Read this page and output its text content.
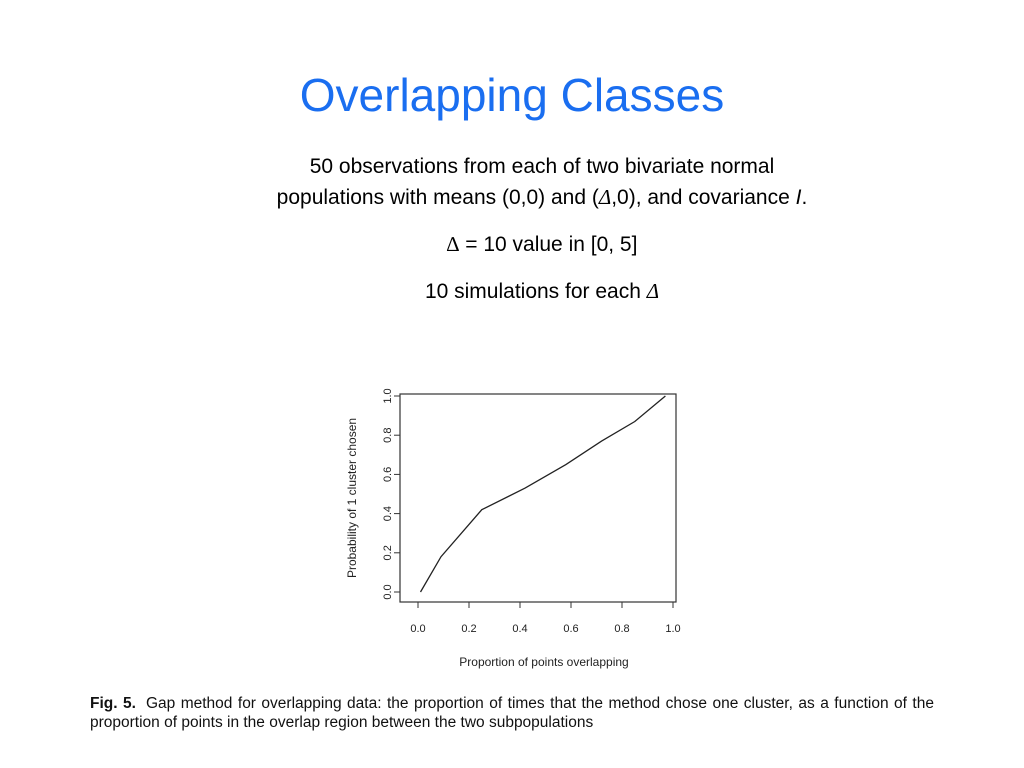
Overlapping Classes
50 observations from each of two bivariate normal
populations with means (0,0) and (Δ,0), and covariance I.
∆ = 10 value in [0, 5]
10 simulations for each Δ
0.0
0.2
0.4
0.6
0.8
1.0
0.0	0.2	0.4	0.6	0.8	1.0
Proportion of points overlapping
Probability of 1 cluster chosen
Fig. 5. Gap method for overlapping data: the proportion of times that the method chose one cluster, as a function of the proportion of points in the overlap region between the two subpopulations
